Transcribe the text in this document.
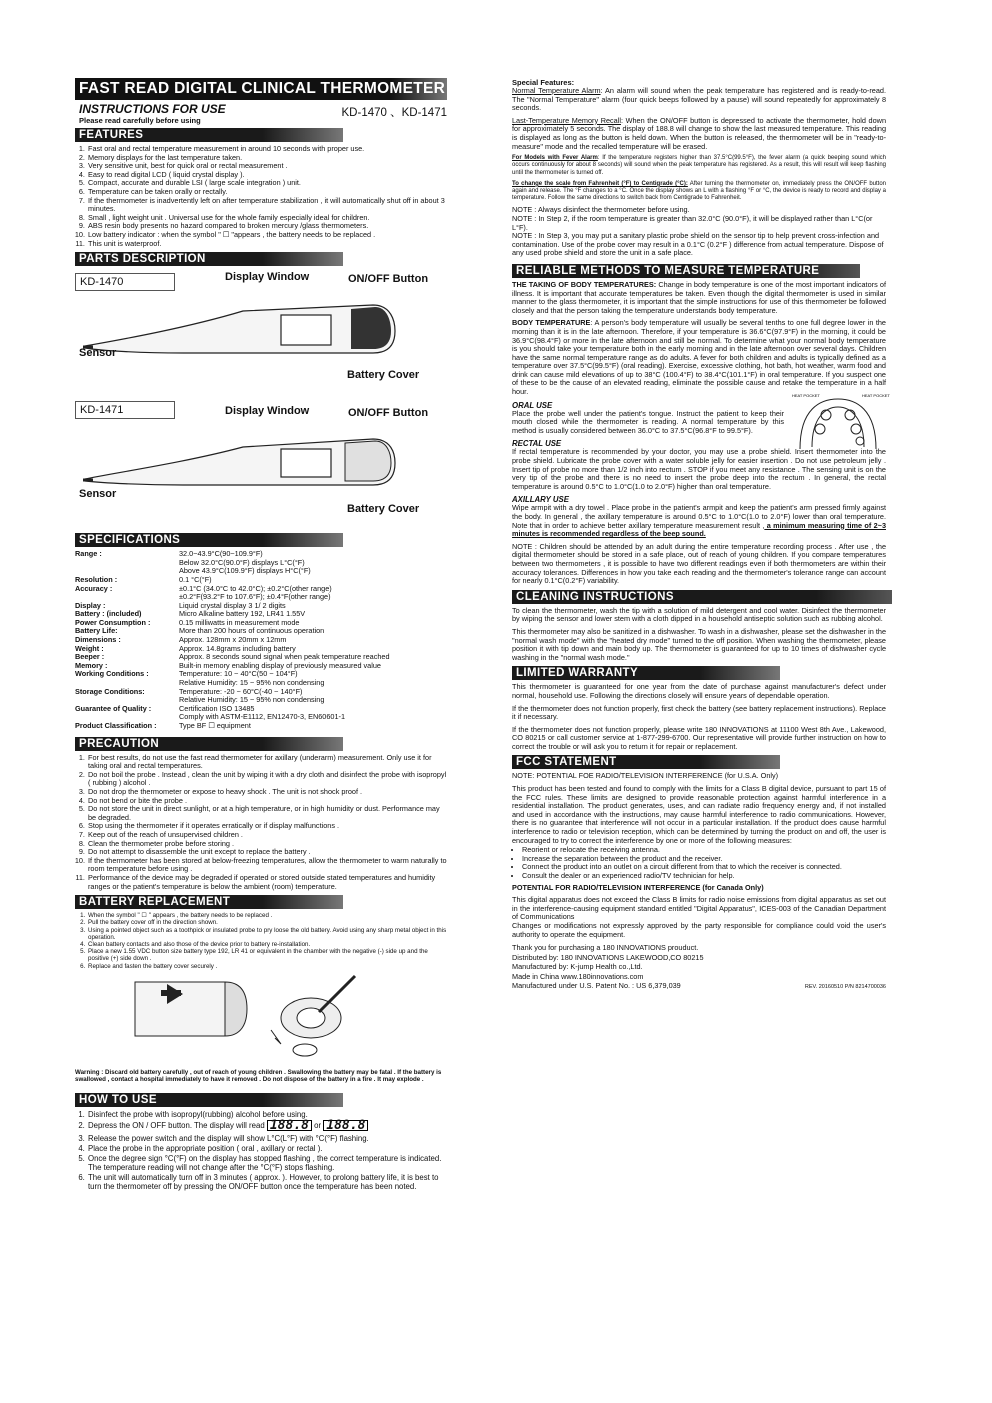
FAST READ DIGITAL CLINICAL THERMOMETER
INSTRUCTIONS FOR USE
Please read carefully before using
KD-1470 、KD-1471
FEATURES
1. Fast oral and rectal temperature measurement in around 10 seconds with proper use.
2. Memory displays for the last temperature taken.
3. Very sensitive unit, best for quick oral or rectal measurement .
4. Easy to read digital LCD ( liquid crystal display ).
5. Compact, accurate and durable LSI ( large scale integration ) unit.
6. Temperature can be taken orally or rectally.
7. If the thermometer is inadvertently left on after temperature stabilization , it will automatically shut off in about 3 minutes.
8. Small , light weight unit . Universal use for the whole family especially ideal for children.
9. ABS resin body presents no hazard compared to broken mercury /glass thermometers.
10. Low battery indicator : when the symbol " ☐ "appears , the battery needs to be replaced .
11. This unit is waterproof.
PARTS DESCRIPTION
KD-1470	Display Window	ON/OFF Button
Sensor
Battery Cover
KD-1471	Display Window	ON/OFF Button
Sensor
Battery Cover
SPECIFICATIONS
Range :	32.0~43.9°C(90~109.9°F)
	Below 32.0°C(90.0°F) displays L°C(°F)
	Above 43.9°C(109.9°F) displays H°C(°F)
Resolution :	0.1 °C(°F)
Accuracy :	±0.1°C (34.0°C to 42.0°C); ±0.2°C(other range)
	±0.2°F(93.2°F to 107.6°F); ±0.4°F(other range)
Display :	Liquid crystal display 3 1/ 2 digits
Battery : (included)	Micro Alkaline battery 192, LR41 1.55V
Power Consumption :	0.15 milliwatts in measurement mode
Battery Life:	More than 200 hours of continuous operation
Dimensions :	Approx. 128mm x 20mm x 12mm
Weight :	Approx. 14.8grams including battery
Beeper :	Approx. 8 seconds sound signal when peak temperature reached
Memory :	Built-in memory enabling display of previously measured value
Working Conditions :	Temperature: 10 ~ 40°C(50 ~ 104°F)
	Relative Humidity: 15 ~ 95% non condensing
Storage Conditions:	Temperature: -20 ~ 60°C(-40 ~ 140°F)
	Relative Humidity: 15 ~ 95% non condensing
Guarantee of Quality :	Certification ISO 13485
	Comply with ASTM-E1112, EN12470-3, EN60601-1
Product Classification :	Type BF ☐ equipment
PRECAUTION
1. For best results, do not use the fast read thermometer for axillary (underarm) measurement. Only use it for taking oral and rectal temperatures.
2. Do not boil the probe . Instead , clean the unit by wiping it with a dry cloth and disinfect the probe with isopropyl ( rubbing ) alcohol .
3. Do not drop the thermometer or expose to heavy shock . The unit is not shock proof .
4. Do not bend or bite the probe .
5. Do not store the unit in direct sunlight, or at a high temperature, or in high humidity or dust. Performance may be degraded.
6. Stop using the thermometer if it operates erratically or if display malfunctions .
7. Keep out of the reach of unsupervised children .
8. Clean the thermometer probe before storing .
9. Do not attempt to disassemble the unit except to replace the battery .
10. If the thermometer has been stored at below-freezing temperatures, allow the thermometer to warm naturally to room temperature before using .
11. Performance of the device may be degraded if operated or stored outside stated temperatures and humidity ranges or the patient's temperature is below the ambient (room) temperature.
BATTERY REPLACEMENT
1. When the symbol " ☐ " appears , the battery needs to be replaced .
2. Pull the battery cover off in the direction shown.
3. Using a pointed object such as a toothpick or insulated probe to pry loose the old battery. Avoid using any sharp metal object in this operation.
4. Clean battery contacts and also those of the device prior to battery re-installation.
5. Place a new 1.55 VDC button size battery type 192, LR 41 or equivalent in the chamber with the negative (-) side up and the positive (+) side down .
6. Replace and fasten the battery cover securely .
Warning : Discard old battery carefully , out of reach of young children . Swallowing the battery may be fatal . If the battery is swallowed , contact a hospital immediately to have it removed . Do not dispose of the battery in a fire . It may explode .
HOW TO USE
1. Disinfect the probe with isopropyl(rubbing) alcohol before using.
2. Depress the ON / OFF button. The display will read 188.8 or 188.8
3. Release the power switch and the display will show L°C(L°F) with °C(°F) flashing.
4. Place the probe in the appropriate position ( oral , axillary or rectal ).
5. Once the degree sign °C(°F) on the display has stopped flashing , the correct temperature is indicated. The temperature reading will not change after the °C(°F) stops flashing.
6. The unit will automatically turn off in 3 minutes ( approx. ). However, to prolong battery life, it is best to turn the thermometer off by pressing the ON/OFF button once the temperature has been noted.
Special Features:

Normal Temperature Alarm: An alarm will sound when the peak temperature has registered and is ready-to-read. The "Normal Temperature" alarm (four quick beeps followed by a pause) will sound repeatedly for approximately 8 seconds.

Last-Temperature Memory Recall: When the ON/OFF button is depressed to activate the thermometer, hold down for approximately 5 seconds. The display of 188.8 will change to show the last measured temperature. This reading is displayed as long as the button is held down. When the button is released, the thermometer will be in "ready-to-measure" mode and the recalled temperature will be erased.

For Models with Fever Alarm: If the temperature registers higher than 37.5°C(99.5°F), the fever alarm (a quick beeping sound which occurs continuously for about 8 seconds) will sound when the peak temperature has registered. As a result, this will result will keep flashing until the thermometer is turned off.

To change the scale from Fahrenheit (°F) to Centigrade (°C): After turning the thermometer on, immediately press the ON/OFF button again and release. The °F changes to a °C. Once the display shows an L with a flashing °F or °C, the device is ready to record and display a temperature. Follow the same directions to switch back from Centigrade to Fahrenheit.

NOTE : Always disinfect the thermometer before using.

NOTE : In Step 2, if the room temperature is greater than 32.0°C (90.0°F), it will be displayed rather than L°C(or L°F).

NOTE : In Step 3, you may put a sanitary plastic probe shield on the sensor tip to help prevent cross-infection and contamination. Use of the probe cover may result in a 0.1°C (0.2°F ) difference from actual temperature. Dispose of any used probe shield and store the unit in a safe place.

RELIABLE METHODS TO MEASURE TEMPERATURE

THE TAKING OF BODY TEMPERATURES: Change in body temperature is one of the most important indicators of illness. It is important that accurate temperatures be taken. Even though the digital thermometer is used in similar manner to the glass thermometer, it is important that the simple instructions for use of this thermometer be followed closely and that the person taking the temperature understands body temperature.

BODY TEMPERATURE: A person's body temperature will usually be several tenths to one full degree lower in the morning than it is in the late afternoon. Therefore, if your temperature is 36.6°C(97.9°F) in the morning, it could be 36.9°C(98.4°F) or more in the late afternoon and still be normal. To determine what your normal body temperature is you should take your temperature both in the early morning and in the late afternoon over several days. Children have the same normal temperature range as do adults. A fever for both children and adults is typically defined as a temperature over 37.5°C(99.5°F) (oral reading). Exercise, excessive clothing, hot bath, hot weather, warm food and drink can cause mild elevations of up to 38°C (100.4°F) to 38.4°C(101.1°F) in oral temperature. If you suspect one of these to be the cause of an elevated reading, eliminate the possible cause and retake the temperature in a half hour.

ORAL USE

Place the probe well under the patient's tongue. Instruct the patient to keep their mouth closed while the thermometer is reading. A normal temperature by this method is usually considered between 36.0°C to 37.5°C(96.8°F to 99.5°F).

HEAT POCKET	HEAT POCKET
RECTAL USE

If rectal temperature is recommended by your doctor, you may use a probe shield. Insert thermometer into the probe shield. Lubricate the probe cover with a water soluble jelly for easier insertion . Do not use petroleum jelly . Insert tip of probe no more than 1/2 inch into rectum . STOP if you meet any resistance . The sensing unit is on the very tip of the probe and there is no need to insert the probe deep into the rectum . In general, the rectal temperature is around 0.5°C to 1.0°C(1.0 to 2.0°F) higher than oral temperature.

AXILLARY USE

Wipe armpit with a dry towel . Place probe in the patient's armpit and keep the patient's arm pressed firmly against the body. In general , the axillary temperature is around 0.5°C to 1.0°C(1.0 to 2.0°F) lower than oral temperature. Note that in order to achieve better axillary temperature measurement result , a minimum measuring time of 2~3 minutes is recommended regardless of the beep sound.

NOTE : Children should be attended by an adult during the entire temperature recording process . After use , the digital thermometer should be stored in a safe place, out of reach of young children. If you compare temperatures between two thermometers , it is possible to have two different readings even if both thermometers are within their accuracy tolerances. Differences in how you take each reading and the thermometer's tolerance range can account for nearly 0.1°C(0.2°F) variability.

CLEANING INSTRUCTIONS

To clean the thermometer, wash the tip with a solution of mild detergent and cool water. Disinfect the thermometer by wiping the sensor and lower stem with a cloth dipped in a household antiseptic solution such as rubbing alcohol.

This thermometer may also be sanitized in a dishwasher. To wash in a dishwasher, please set the dishwasher in the "normal wash mode" with the "heated dry mode" turned to the off position. When washing the thermometer, please position it with tip down and main body up. The thermometer is guaranteed for up to 10 times of dishwasher cycle washing in the "normal wash mode."

LIMITED WARRANTY

This thermometer is guaranteed for one year from the date of purchase against manufacturer's defect under normal, household use. Following the directions closely will ensure years of dependable operation.

If the thermometer does not function properly, first check the battery (see battery replacement instructions). Replace it if necessary.

If the thermometer does not function properly, please write 180 INNOVATIONS at 11100 West 8th Ave., Lakewood, CO 80215 or call customer service at 1-877-299-6700. Our representative will provide further instruction on how to correct the trouble or will ask you to return it for repair or replacement.

FCC STATEMENT

NOTE: POTENTIAL FOE RADIO/TELEVISION INTERFERENCE (for U.S.A. Only)

This product has been tested and found to comply with the limits for a Class B digital device, pursuant to part 15 of the FCC rules. These limits are designed to provide reasonable protection against harmful interference in a residential installation. The product generates, uses, and can radiate radio frequency energy and, if not installed and used in accordance with the instructions, may cause harmful interference to radio communications. However, there is no guarantee that interference will not occur in a particular installation. If the product does cause harmful interference to radio or television reception, which can be determined by turning the product on and off, the user is encouraged to try to correct the interference by one or more of the following measures:

• Reorient or relocate the receiving antenna.
• Increase the separation between the product and the receiver.
• Connect the product into an outlet on a circuit different from that to which the receiver is connected.
• Consult the dealer or an experienced radio/TV technician for help.

POTENTIAL FOR RADIO/TELEVISION INTERFERENCE (for Canada Only)

This digital apparatus does not exceed the Class B limits for radio noise emissions from digital apparatus as set out in the interference-causing equipment standard entitled "Digital Apparatus", ICES-003 of the Canadian Department of Communications

Changes or modifications not expressly approved by the party responsible for compliance could void the user's authority to operate the equipment.

Thank you for purchasing a 180 INNOVATIONS prouduct.
Distributed by: 180 INNOVATIONS LAKEWOOD,CO 80215
Manufactured by: K-jump Health co.,Ltd.
Made in China www.180innovations.com
Manufactured under U.S. Patent No. : US 6,379,039	REV. 20160510 P/N 8214700036
